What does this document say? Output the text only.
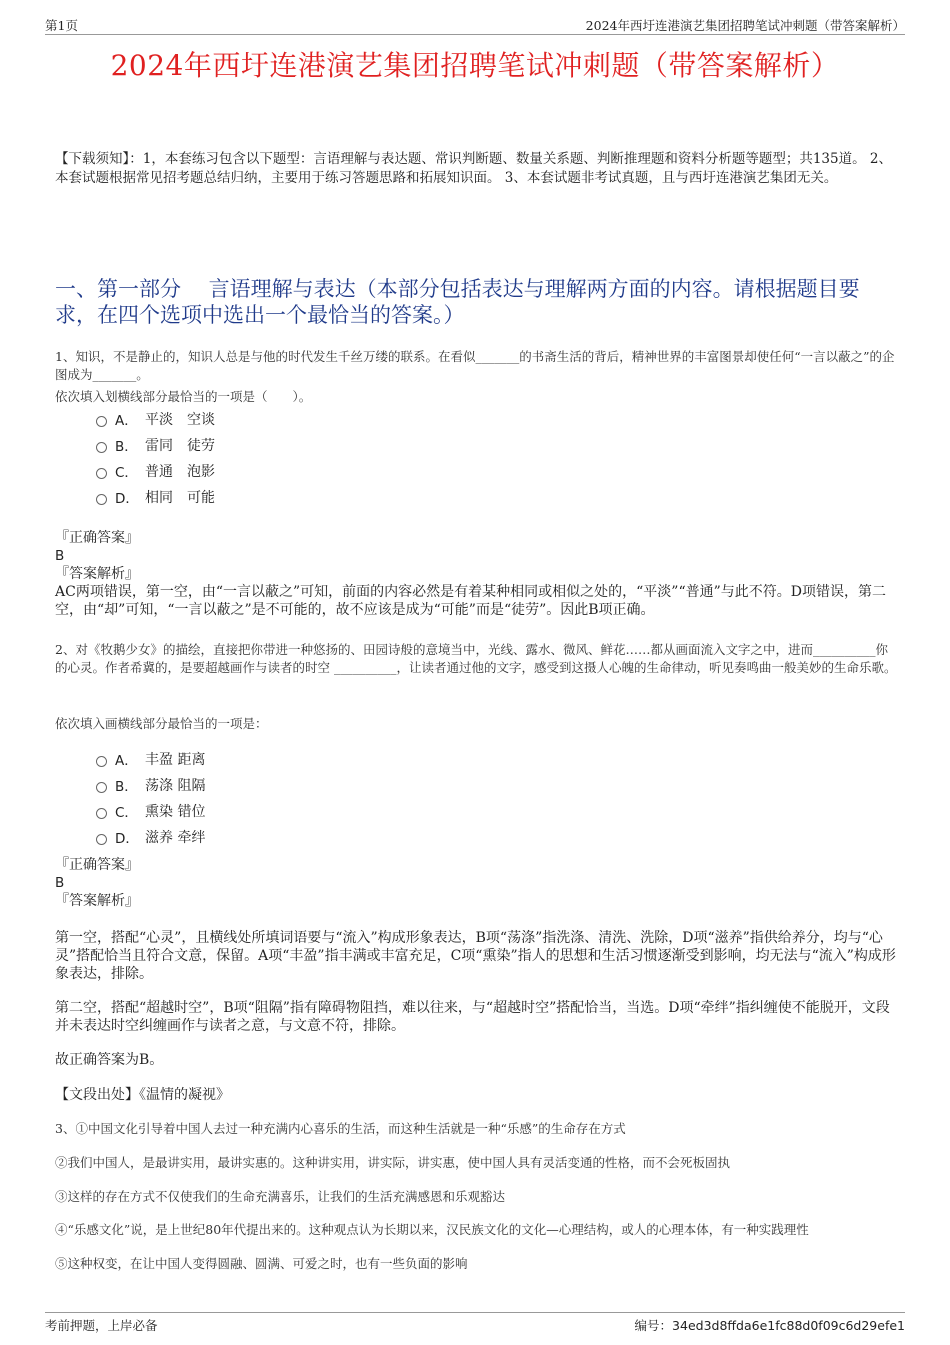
第1页	2024年西圩连港演艺集团招聘笔试冲刺题（带答案解析）
2024年西圩连港演艺集团招聘笔试冲刺题（带答案解析）
【下载须知】：1，本套练习包含以下题型：言语理解与表达题、常识判断题、数量关系题、判断推理题和资料分析题等题型；共135道。 2、本套试题根据常见招考题总结归纳，主要用于练习答题思路和拓展知识面。 3、本套试题非考试真题，且与西圩连港演艺集团无关。
一、第一部分　 言语理解与表达（本部分包括表达与理解两方面的内容。请根据题目要求，在四个选项中选出一个最恰当的答案。）
1、知识，不是静止的，知识人总是与他的时代发生千丝万缕的联系。在看似_______的书斋生活的背后，精神世界的丰富图景却使任何“一言以蔽之”的企图成为_______。
依次填入划横线部分最恰当的一项是（　　）。
A． 平淡　空谈
B． 雷同　徒劳
C． 普通　泡影
D． 相同　可能
『正确答案』
B
『答案解析』
AC两项错误，第一空，由“一言以蔽之”可知，前面的内容必然是有着某种相同或相似之处的，“平淡”“普通”与此不符。D项错误，第二空，由“却”可知，“一言以蔽之”是不可能的，故不应该是成为“可能”而是“徒劳”。因此B项正确。
2、对《牧鹅少女》的描绘，直接把你带进一种悠扬的、田园诗般的意境当中，光线、露水、微风、鲜花……都从画面流入文字之中，进而__________你的心灵。作者希冀的，是要超越画作与读者的时空 __________，让读者通过他的文字，感受到这摄人心魄的生命律动，听见奏鸣曲一般美妙的生命乐歌。
依次填入画横线部分最恰当的一项是：
A． 丰盈 距离
B． 荡涤 阻隔
C． 熏染 错位
D． 滋养 牵绊
『正确答案』
B
『答案解析』
第一空，搭配“心灵”，且横线处所填词语要与“流入”构成形象表达，B项“荡涤”指洗涤、清洗、洗除，D项“滋养”指供给养分，均与“心灵”搭配恰当且符合文意，保留。A项“丰盈”指丰满或丰富充足，C项“熏染”指人的思想和生活习惯逐渐受到影响，均无法与“流入”构成形象表达，排除。
第二空，搭配“超越时空”，B项“阻隔”指有障碍物阻挡，难以往来，与“超越时空”搭配恰当，当选。D项“牵绊”指纠缠使不能脱开，文段并未表达时空纠缠画作与读者之意，与文意不符，排除。
故正确答案为B。
【文段出处】《温情的凝视》
3、①中国文化引导着中国人去过一种充满内心喜乐的生活，而这种生活就是一种“乐感”的生命存在方式
②我们中国人，是最讲实用，最讲实惠的。这种讲实用，讲实际，讲实惠，使中国人具有灵活变通的性格，而不会死板固执
③这样的存在方式不仅使我们的生命充满喜乐，让我们的生活充满感恩和乐观豁达
④“乐感文化”说，是上世纪80年代提出来的。这种观点认为长期以来，汉民族文化的文化—心理结构，或人的心理本体，有一种实践理性
⑤这种权变，在让中国人变得圆融、圆满、可爱之时，也有一些负面的影响
考前押题，上岸必备	编号：34ed3d8ffda6e1fc88d0f09c6d29efe1
